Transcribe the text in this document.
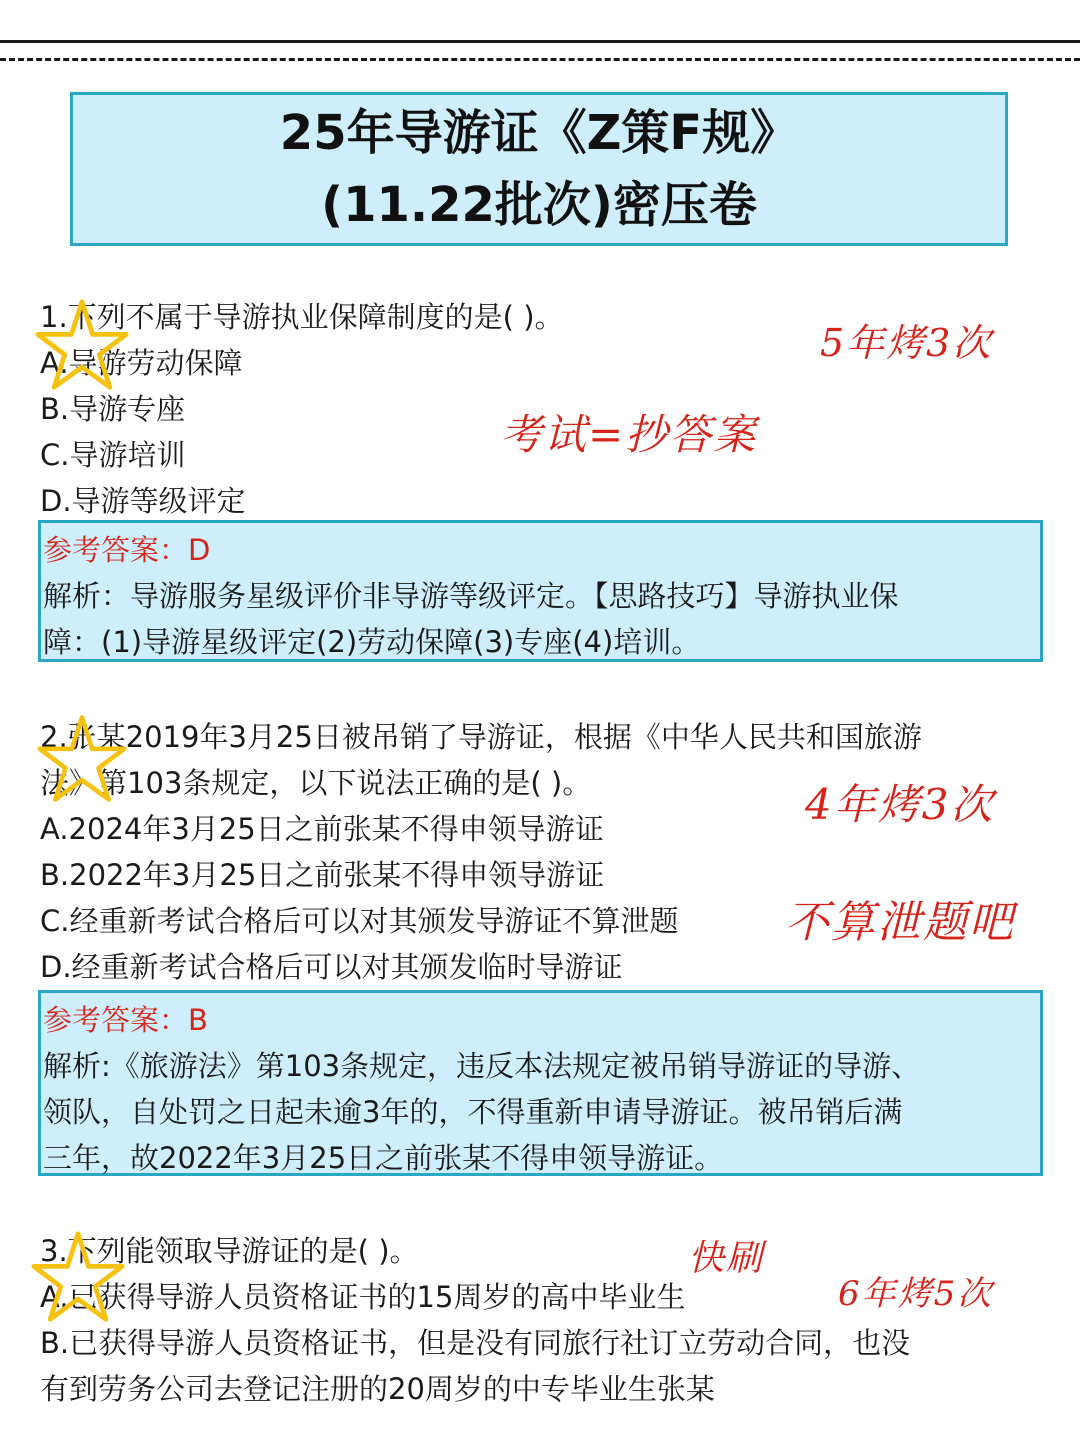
25年导游证《Z策F规》
(11.22批次)密压卷
1.下列不属于导游执业保障制度的是( )。
A.导游劳动保障
B.导游专座
C.导游培训
D.导游等级评定
参考答案：D
解析：导游服务星级评价非导游等级评定。【思路技巧】导游执业保
障：(1)导游星级评定(2)劳动保障(3)专座(4)培训。
2.张某2019年3月25日被吊销了导游证，根据《中华人民共和国旅游
法》第103条规定，以下说法正确的是( )。
A.2024年3月25日之前张某不得申领导游证
B.2022年3月25日之前张某不得申领导游证
C.经重新考试合格后可以对其颁发导游证不算泄题
D.经重新考试合格后可以对其颁发临时导游证
参考答案：B
解析:《旅游法》第103条规定，违反本法规定被吊销导游证的导游、
领队，自处罚之日起未逾3年的，不得重新申请导游证。被吊销后满
三年，故2022年3月25日之前张某不得申领导游证。
3.下列能领取导游证的是( )。
A.已获得导游人员资格证书的15周岁的高中毕业生
B.已获得导游人员资格证书，但是没有同旅行社订立劳动合同，也没
有到劳务公司去登记注册的20周岁的中专毕业生张某
5年烤3次
考试=抄答案
4年烤3次
不算泄题吧
快刷
6年烤5次
